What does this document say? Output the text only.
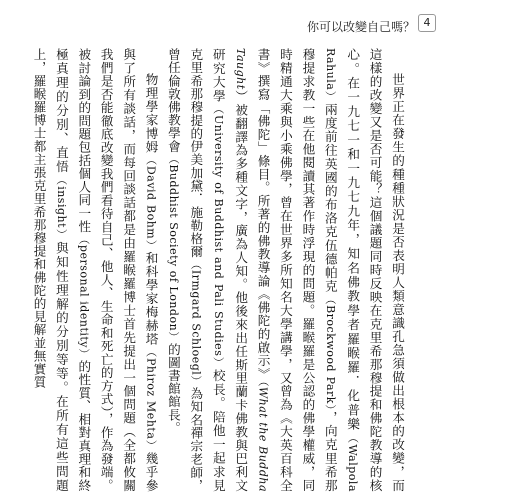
你可以改變自己嗎？ 4

世界正在發生的種種狀況是否表明人類意識孔急須做出根本的改變，而這樣的改變又是否可能？這個議題同時反映在克里希那穆提和佛陀教導的核心。在一九七一和一九七九年，知名佛教學者羅睺羅．化普樂（Walpola Rahula）兩度前往英國的布洛克伍德帕克（Brockwood Park），向克里希那穆提求教一些在他閱讀其著作時浮現的問題。羅睺羅是公認的佛學權威，同時精通大乘與小乘佛學，曾在世界多所知名大學講學，又曾為《大英百科全書》撰寫「佛陀」條目。所著的佛教導論《佛陀的啟示》（What the Buddha Taught）被翻譯為多種文字，廣為人知。他後來出任斯里蘭卡佛教與巴利文研究大學（University of Buddhist and Pali Studies）校長。陪他一起求見克里希那穆提的伊美加黛．施勒格爾（Irmgard Schloegl）為知名禪宗老師，曾任倫敦佛教學會（Buddhist Society of London）的圖書館館長。

物理學家博姆（David Bohm）和科學家梅赫塔（Phiroz Mehta）幾乎參與了所有談話，而每回談話都是由羅睺羅博士首先提出一個問題（全都攸關我們是否能徹底改變我們看待自己、他人、生命和死亡的方式），作為發端。被討論到的問題包括個人同一性（personal identity）的性質、相對真理和終極真理的分別、直悟（insight）與知性理解的分別等等。在所有這些問題上，羅睺羅博士都主張克里希那穆提和佛陀的見解並無實質
